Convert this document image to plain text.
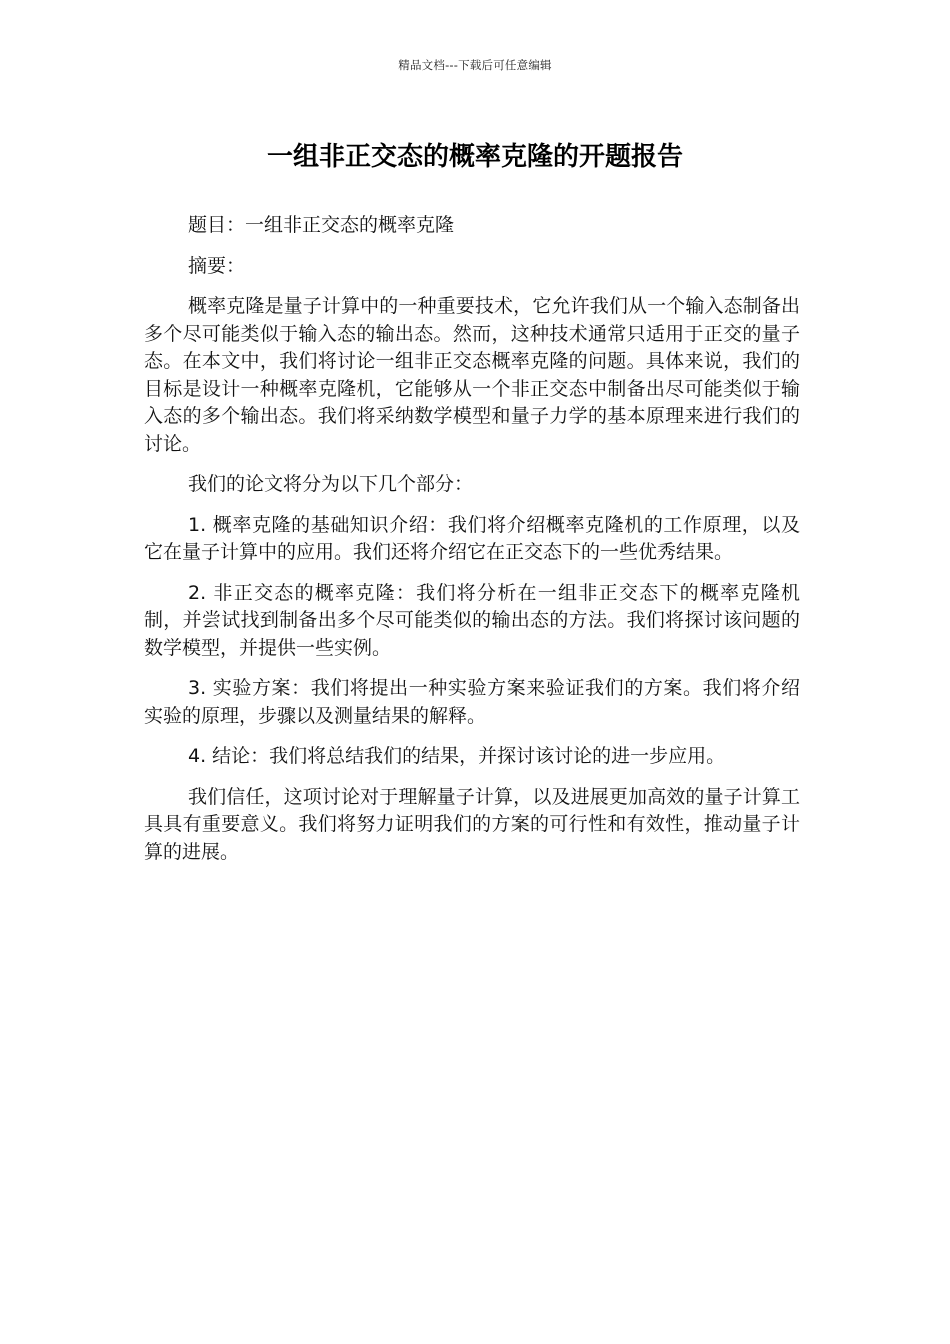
精品文档---下载后可任意编辑
一组非正交态的概率克隆的开题报告

题目：一组非正交态的概率克隆

摘要：

概率克隆是量子计算中的一种重要技术，它允许我们从一个输入态制备出多个尽可能类似于输入态的输出态。然而，这种技术通常只适用于正交的量子态。在本文中，我们将讨论一组非正交态概率克隆的问题。具体来说，我们的目标是设计一种概率克隆机，它能够从一个非正交态中制备出尽可能类似于输入态的多个输出态。我们将采纳数学模型和量子力学的基本原理来进行我们的讨论。

我们的论文将分为以下几个部分：

1. 概率克隆的基础知识介绍：我们将介绍概率克隆机的工作原理，以及它在量子计算中的应用。我们还将介绍它在正交态下的一些优秀结果。

2. 非正交态的概率克隆：我们将分析在一组非正交态下的概率克隆机制，并尝试找到制备出多个尽可能类似的输出态的方法。我们将探讨该问题的数学模型，并提供一些实例。

3. 实验方案：我们将提出一种实验方案来验证我们的方案。我们将介绍实验的原理，步骤以及测量结果的解释。

4. 结论：我们将总结我们的结果，并探讨该讨论的进一步应用。

我们信任，这项讨论对于理解量子计算，以及进展更加高效的量子计算工具具有重要意义。我们将努力证明我们的方案的可行性和有效性，推动量子计算的进展。
